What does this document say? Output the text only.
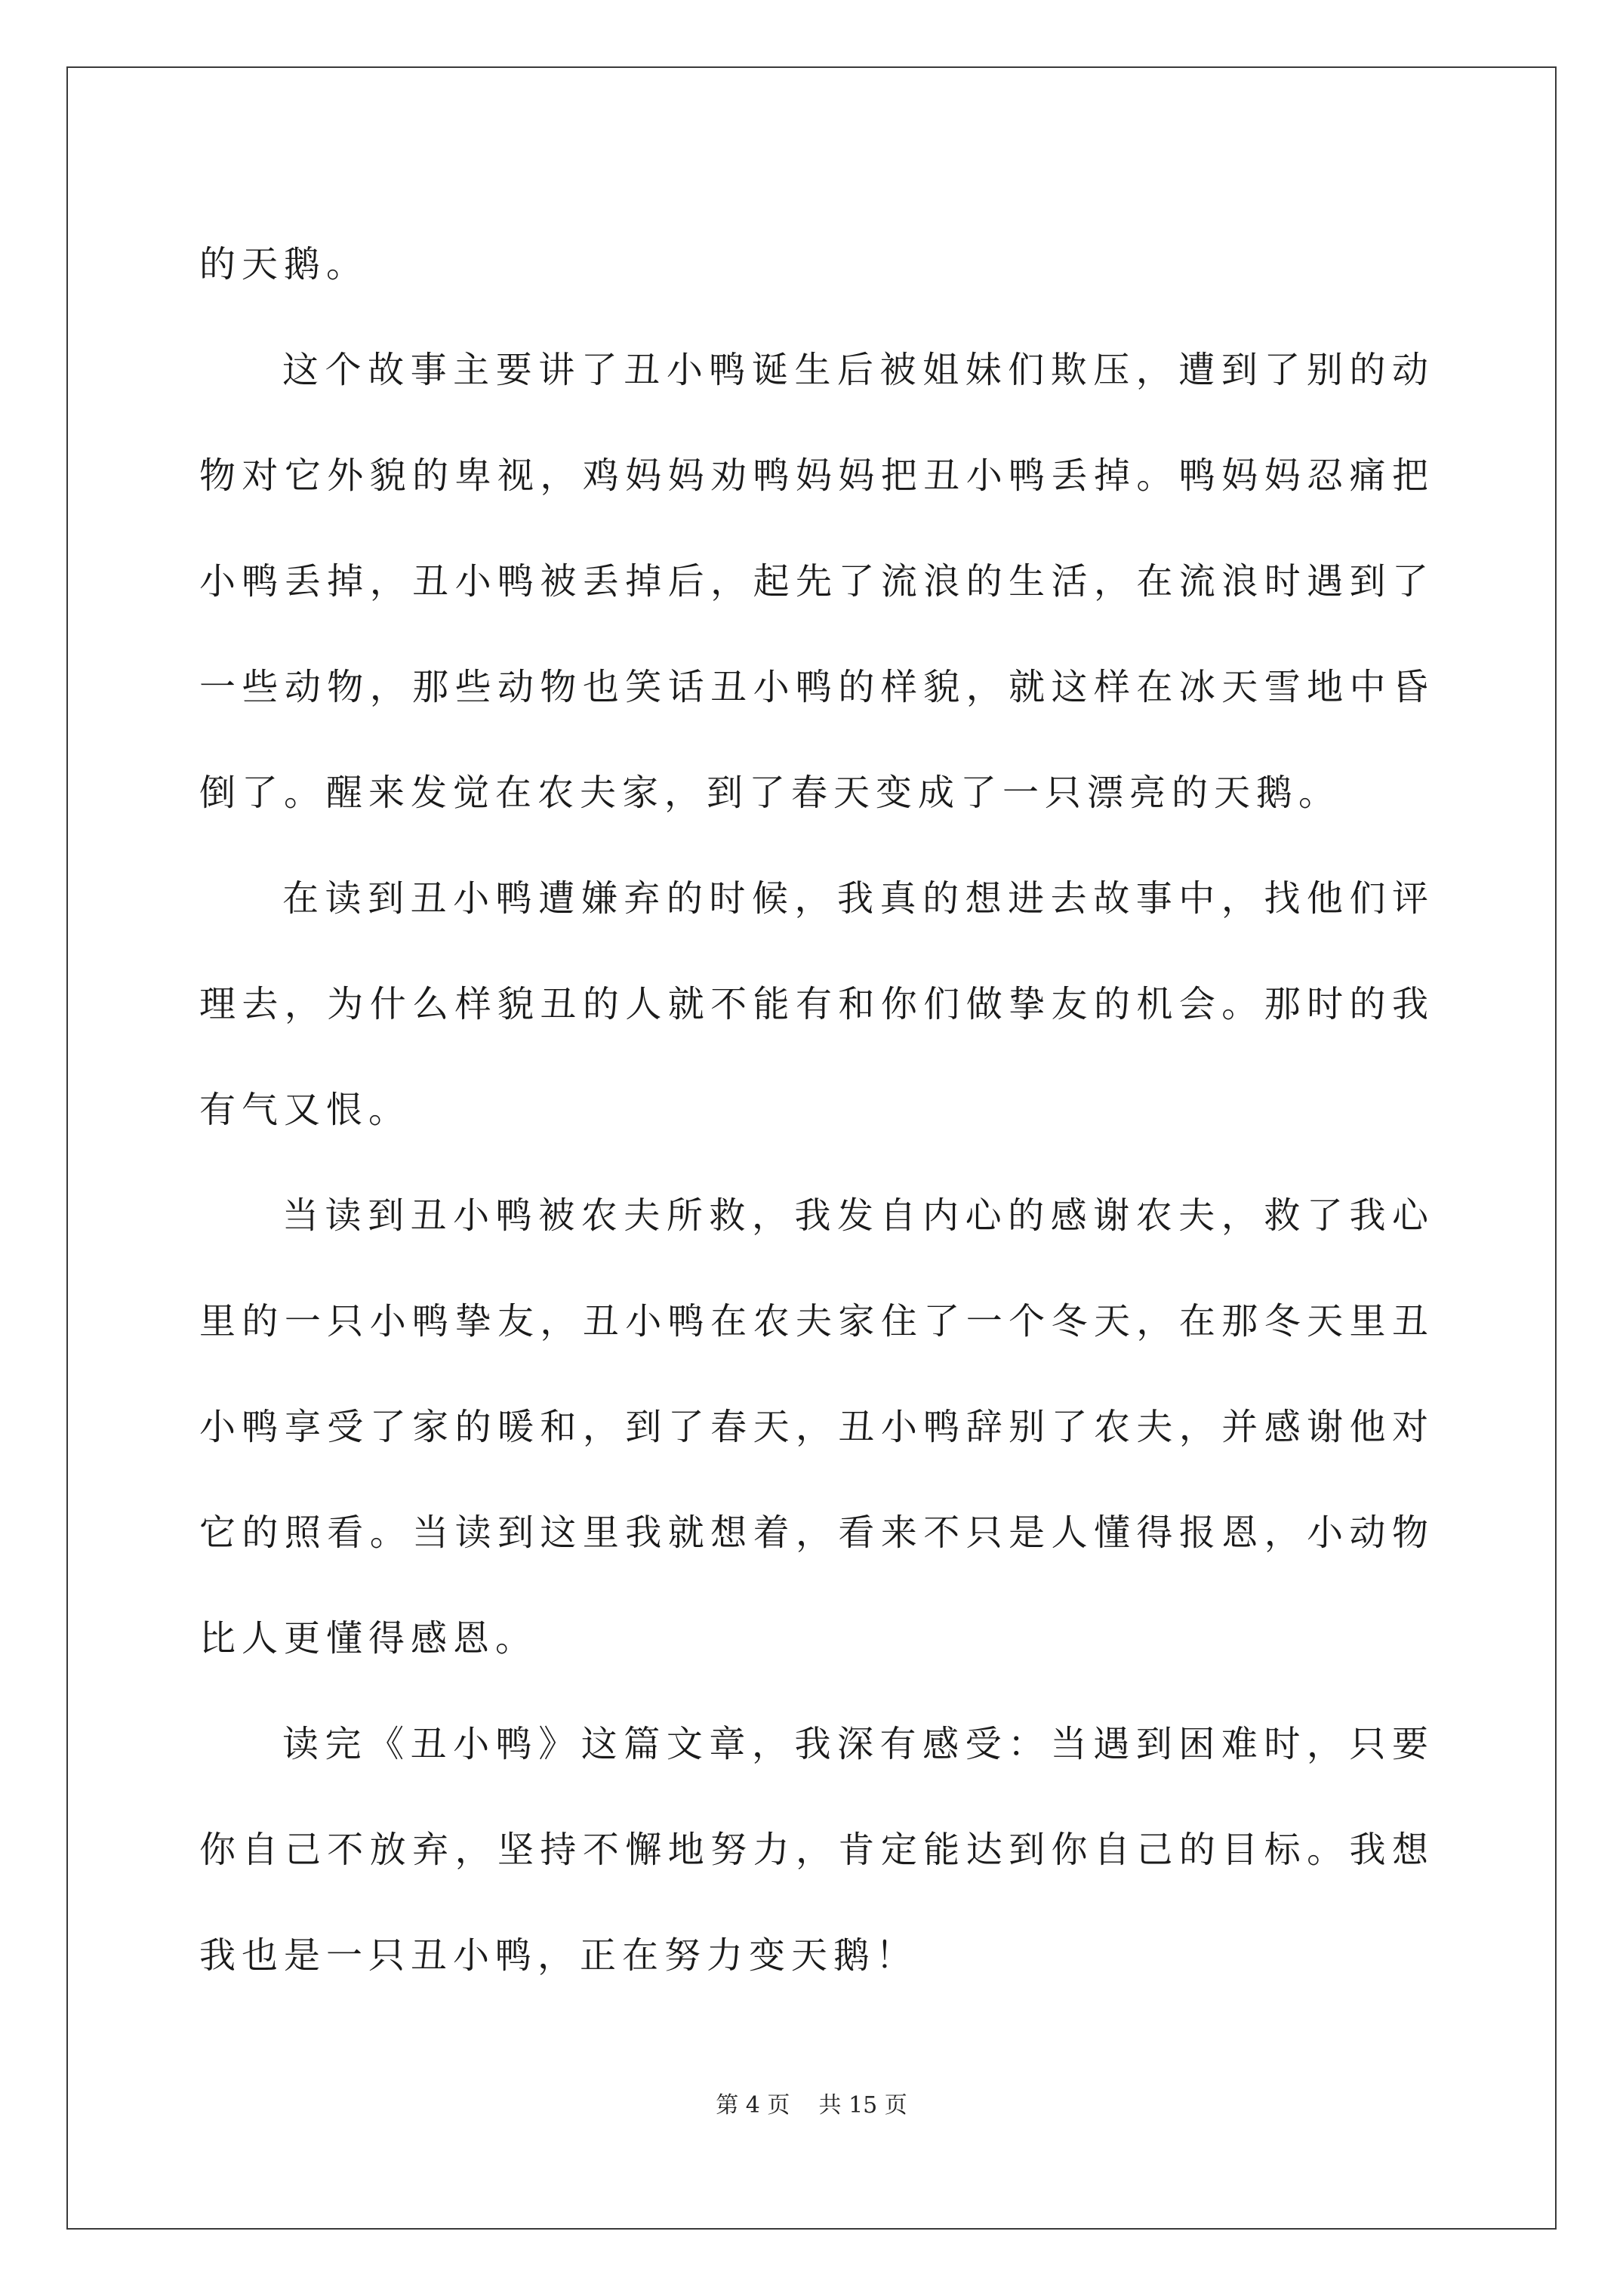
的天鹅。

这个故事主要讲了丑小鸭诞生后被姐妹们欺压，遭到了别的动物对它外貌的卑视，鸡妈妈劝鸭妈妈把丑小鸭丢掉。鸭妈妈忍痛把小鸭丢掉，丑小鸭被丢掉后，起先了流浪的生活，在流浪时遇到了一些动物，那些动物也笑话丑小鸭的样貌，就这样在冰天雪地中昏倒了。醒来发觉在农夫家，到了春天变成了一只漂亮的天鹅。

在读到丑小鸭遭嫌弃的时候，我真的想进去故事中，找他们评理去，为什么样貌丑的人就不能有和你们做挚友的机会。那时的我有气又恨。

当读到丑小鸭被农夫所救，我发自内心的感谢农夫，救了我心里的一只小鸭挚友，丑小鸭在农夫家住了一个冬天，在那冬天里丑小鸭享受了家的暖和，到了春天，丑小鸭辞别了农夫，并感谢他对它的照看。当读到这里我就想着，看来不只是人懂得报恩，小动物比人更懂得感恩。

读完《丑小鸭》这篇文章，我深有感受：当遇到困难时，只要你自己不放弃，坚持不懈地努力，肯定能达到你自己的目标。我想我也是一只丑小鸭，正在努力变天鹅！

第 4 页 共 15 页
